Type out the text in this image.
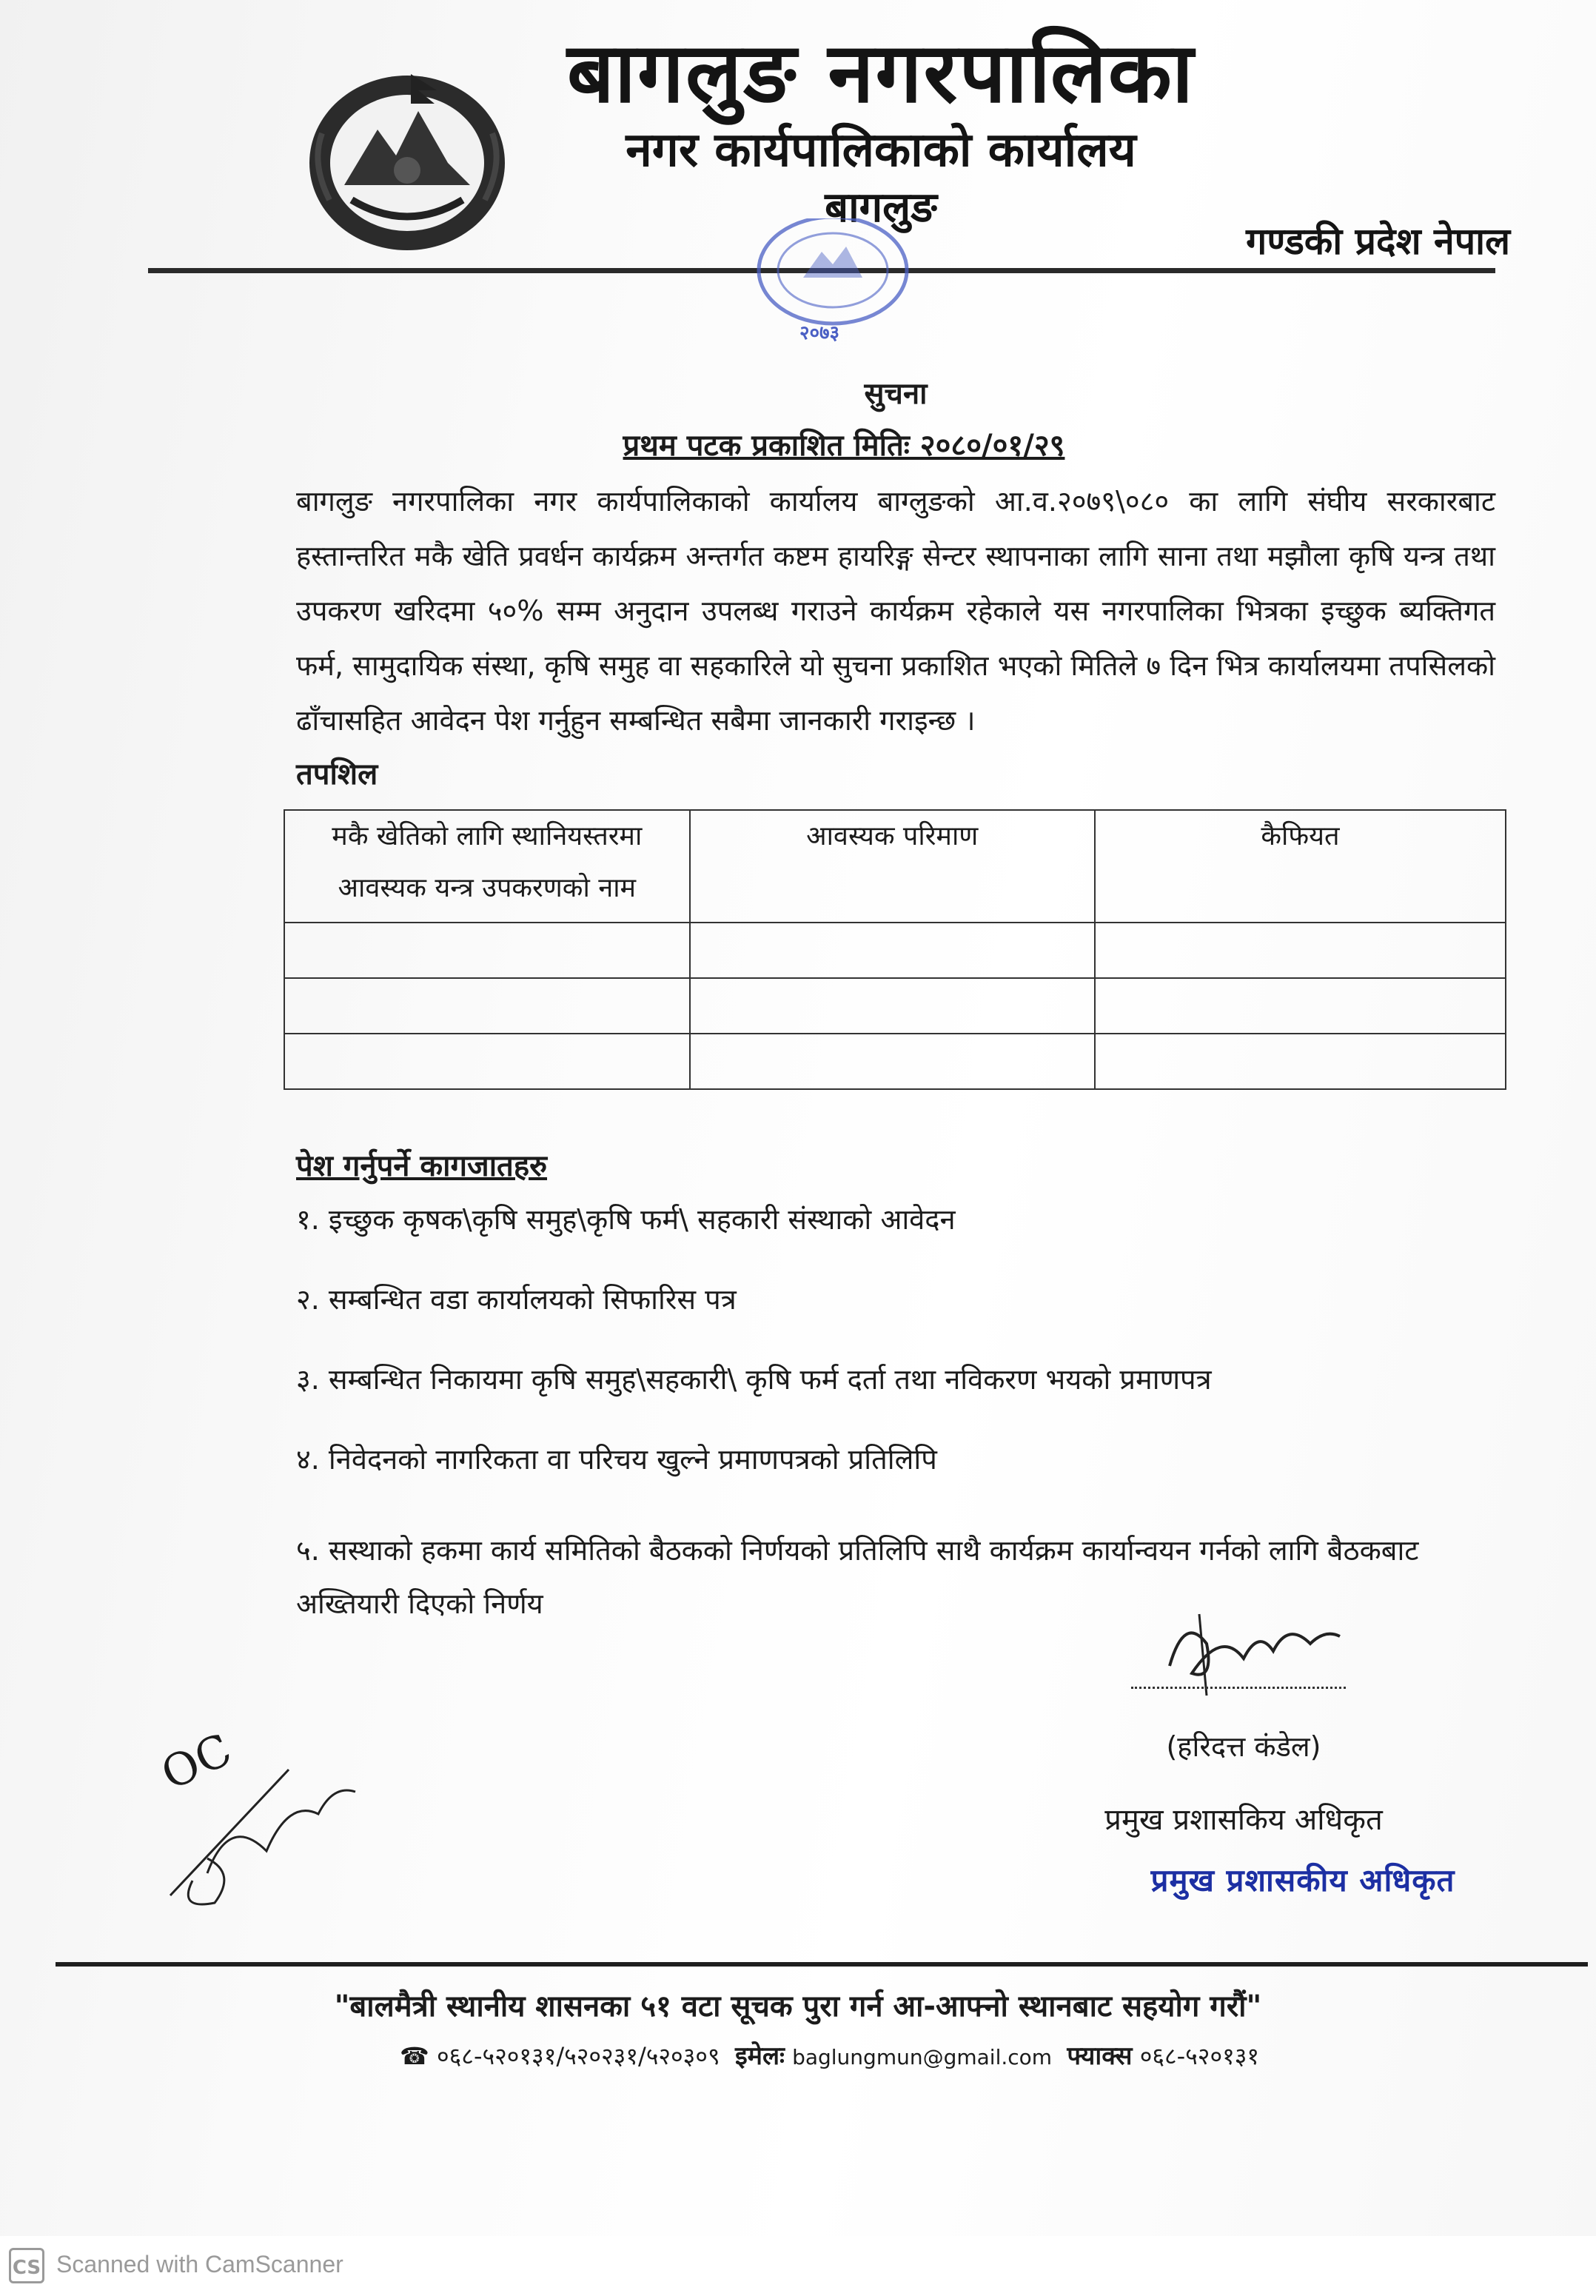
बागलुङ नगरपालिका
नगर कार्यपालिकाको कार्यालय
बागलुङ
गण्डकी प्रदेश नेपाल
२०७३
सुचना
प्रथम पटक प्रकाशित मितिः २०८०/०१/२९
बागलुङ नगरपालिका नगर कार्यपालिकाको कार्यालय बाग्लुङको आ.व.२०७९\०८० का लागि संघीय सरकारबाट हस्तान्तरित मकै खेति प्रवर्धन कार्यक्रम अन्तर्गत कष्टम हायरिङ्ग सेन्टर स्थापनाका लागि साना तथा मझौला कृषि यन्त्र तथा उपकरण खरिदमा ५०% सम्म अनुदान उपलब्ध गराउने कार्यक्रम रहेकाले यस नगरपालिका भित्रका इच्छुक ब्यक्तिगत फर्म, सामुदायिक संस्था, कृषि समुह वा सहकारिले यो सुचना प्रकाशित भएको मितिले ७ दिन भित्र कार्यालयमा तपसिलको ढाँचासहित आवेदन पेश गर्नुहुन सम्बन्धित सबैमा जानकारी गराइन्छ ।
तपशिल
मकै खेतिको लागि स्थानियस्तरमा
आवस्यक यन्त्र उपकरणको नाम	आवस्यक परिमाण	कैफियत

पेश गर्नुपर्ने कागजातहरु
१. इच्छुक कृषक\कृषि समुह\कृषि फर्म\ सहकारी संस्थाको आवेदन
२. सम्बन्धित वडा कार्यालयको सिफारिस पत्र
३. सम्बन्धित निकायमा कृषि समुह\सहकारी\ कृषि फर्म दर्ता तथा नविकरण भयको प्रमाणपत्र
४. निवेदनको नागरिकता वा परिचय खुल्ने प्रमाणपत्रको प्रतिलिपि
५. सस्थाको हकमा कार्य समितिको बैठकको निर्णयको प्रतिलिपि साथै कार्यक्रम कार्यान्वयन गर्नको लागि बैठकबाट अख्तियारी दिएको निर्णय
(हरिदत्त कंडेल)
प्रमुख प्रशासकिय अधिकृत
प्रमुख प्रशासकीय अधिकृत
OC
"बालमैत्री स्थानीय शासनका ५१ वटा सूचक पुरा गर्न आ-आफ्नो स्थानबाट सहयोग गरौं"
☎ ०६८-५२०१३१/५२०२३१/५२०३०९ इमेलः baglungmun@gmail.com फ्याक्स ०६८-५२०१३१
CS Scanned with CamScanner
